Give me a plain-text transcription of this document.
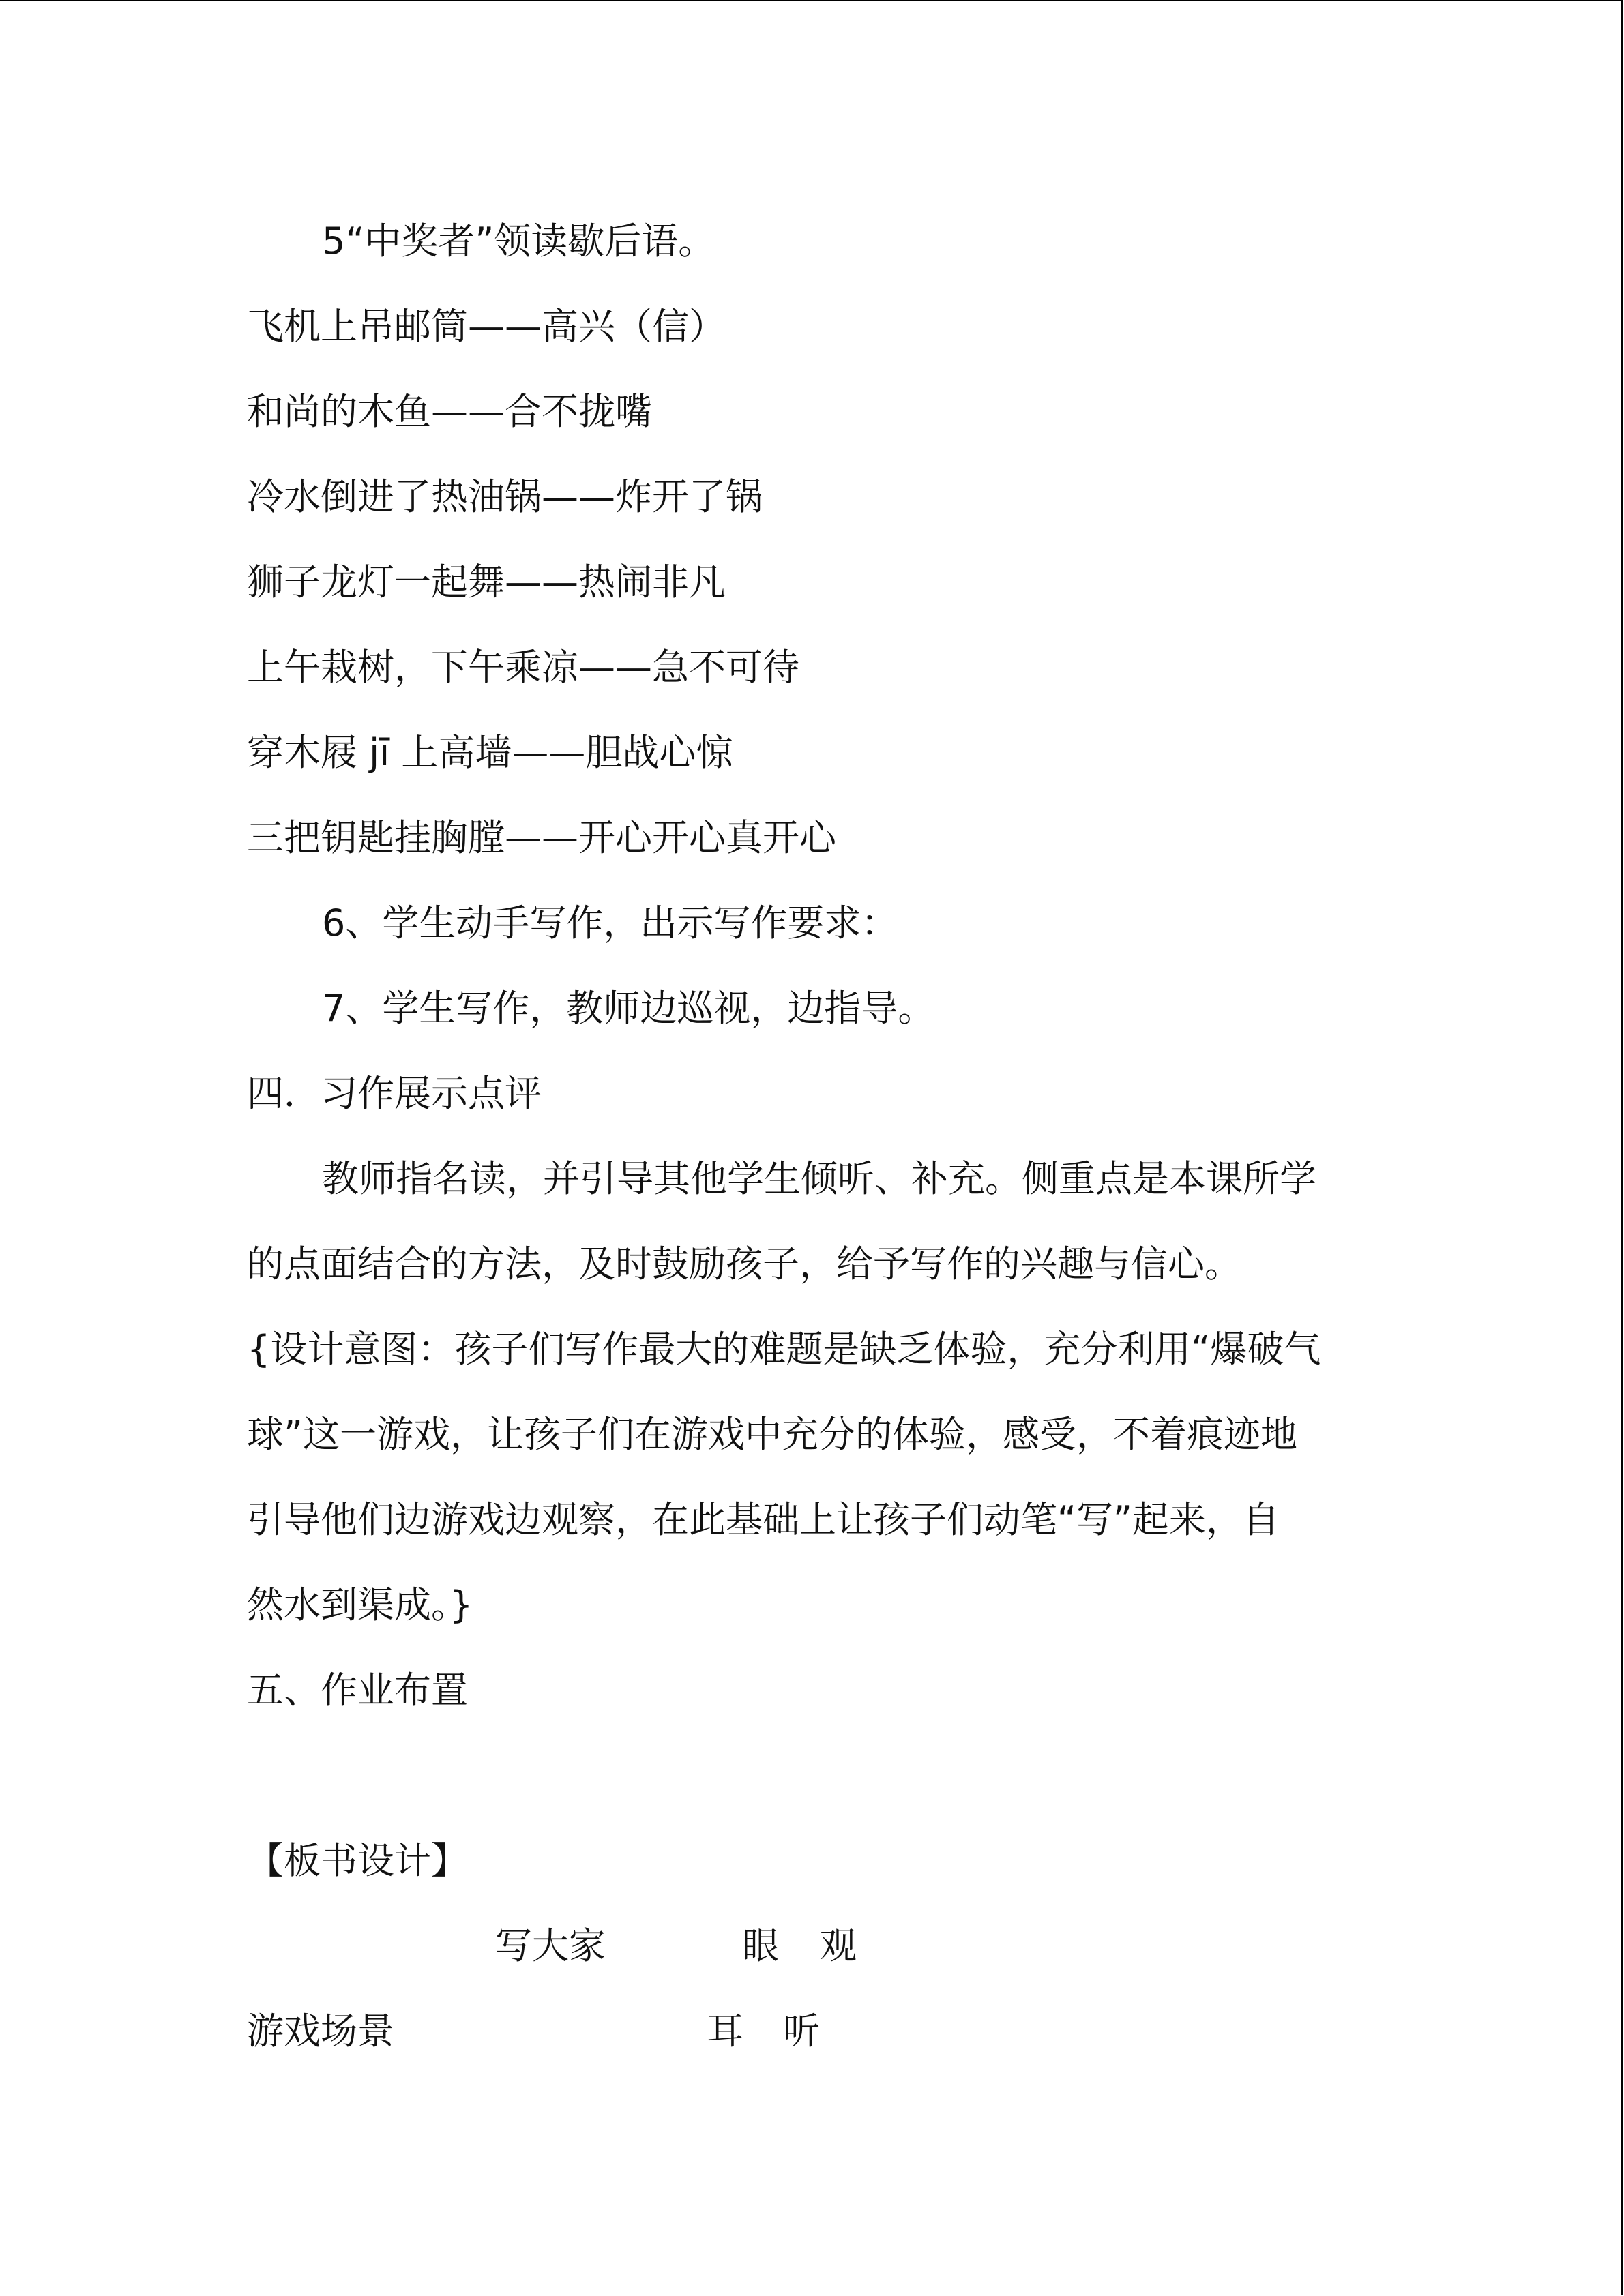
5“中奖者”领读歇后语。
飞机上吊邮筒——高兴（信）
和尚的木鱼——合不拢嘴
冷水倒进了热油锅——炸开了锅
狮子龙灯一起舞——热闹非凡
上午栽树，下午乘凉——急不可待
穿木屐 jī 上高墙——胆战心惊
三把钥匙挂胸膛——开心开心真开心
6、学生动手写作，出示写作要求：
7、学生写作，教师边巡视，边指导。
四．习作展示点评
教师指名读，并引导其他学生倾听、补充。侧重点是本课所学
的点面结合的方法，及时鼓励孩子，给予写作的兴趣与信心。
{设计意图：孩子们写作最大的难题是缺乏体验，充分利用“爆破气
球”这一游戏，让孩子们在游戏中充分的体验，感受，不着痕迹地
引导他们边游戏边观察，在此基础上让孩子们动笔“写”起来，自
然水到渠成。}
五、作业布置
【板书设计】
写大家	眼 观
游戏场景	耳 听
